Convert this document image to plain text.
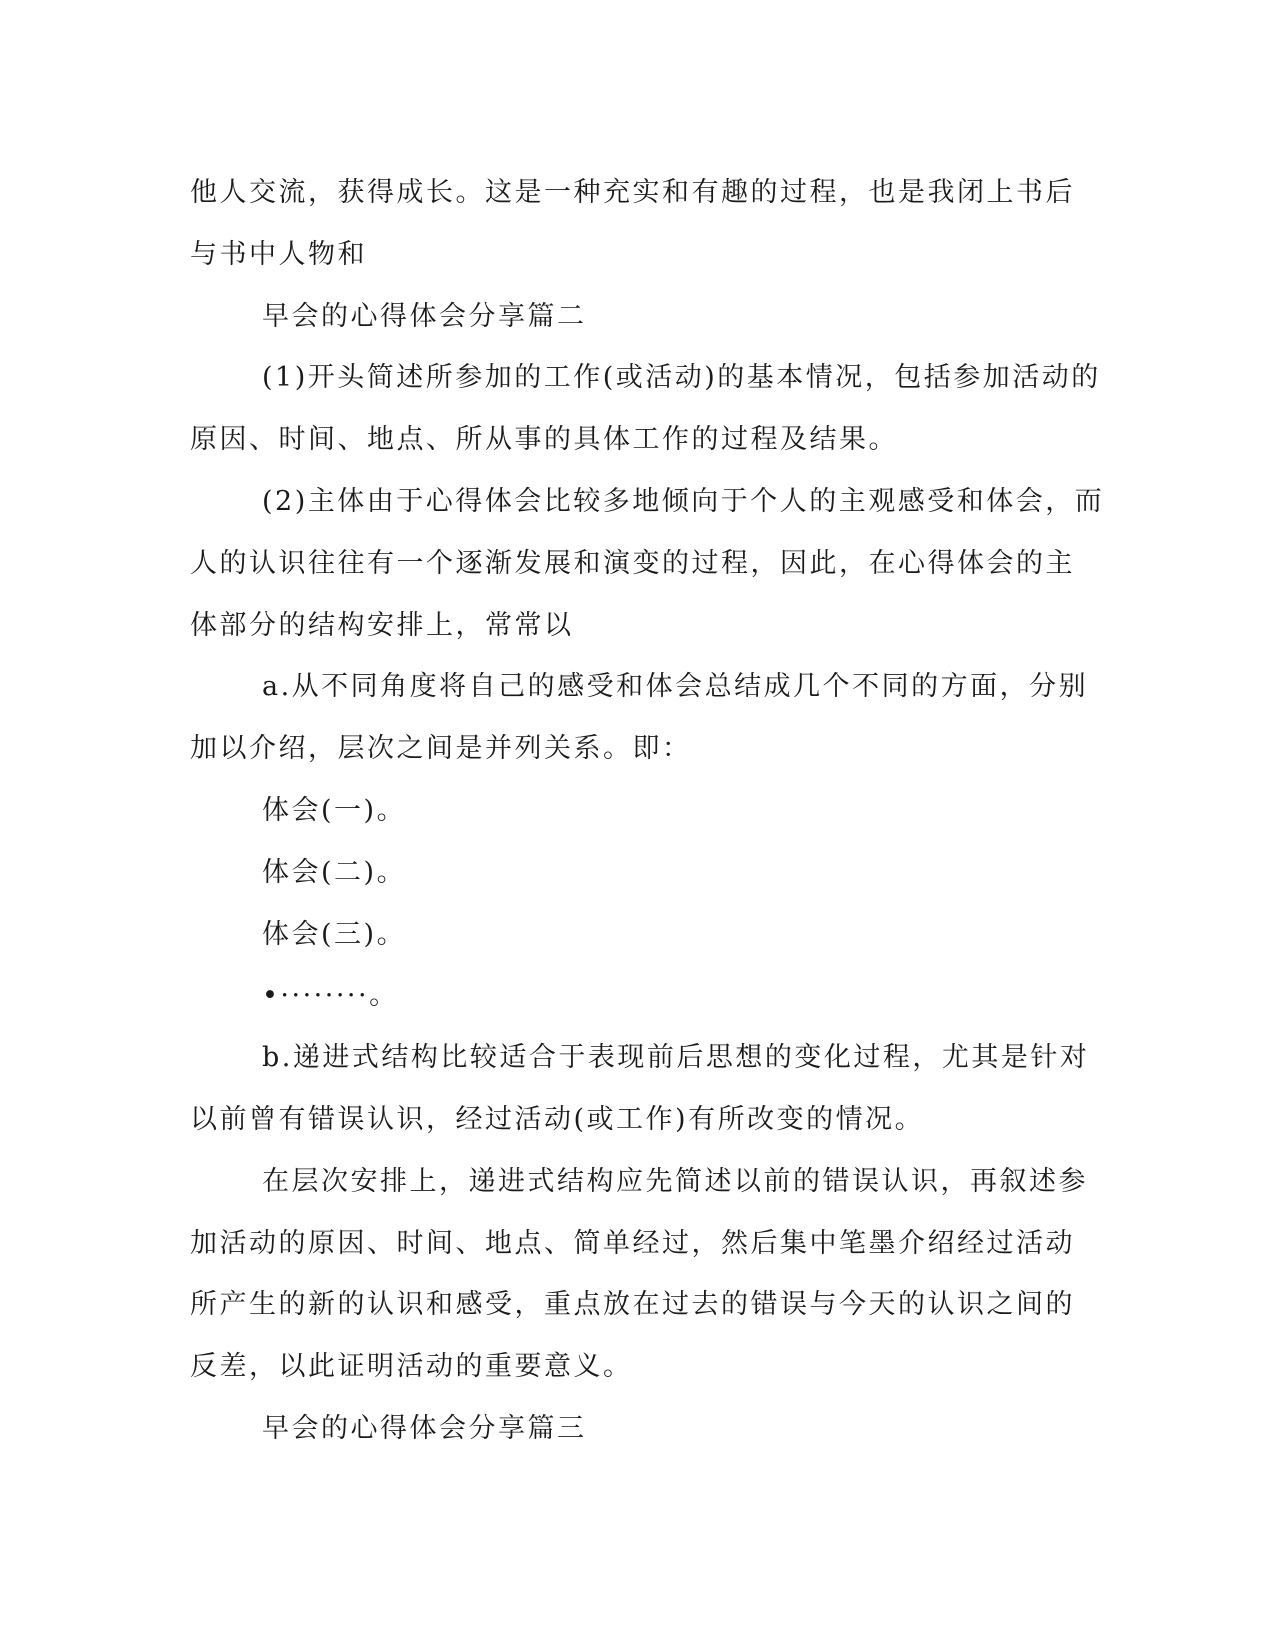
他人交流，获得成长。这是一种充实和有趣的过程，也是我闭上书后
与书中人物和
早会的心得体会分享篇二
(1)开头简述所参加的工作(或活动)的基本情况，包括参加活动的
原因、时间、地点、所从事的具体工作的过程及结果。
(2)主体由于心得体会比较多地倾向于个人的主观感受和体会，而
人的认识往往有一个逐渐发展和演变的过程，因此，在心得体会的主
体部分的结构安排上，常常以
a.从不同角度将自己的感受和体会总结成几个不同的方面，分别
加以介绍，层次之间是并列关系。即：
体会(一)。
体会(二)。
体会(三)。
•········。
b.递进式结构比较适合于表现前后思想的变化过程，尤其是针对
以前曾有错误认识，经过活动(或工作)有所改变的情况。
在层次安排上，递进式结构应先简述以前的错误认识，再叙述参
加活动的原因、时间、地点、简单经过，然后集中笔墨介绍经过活动
所产生的新的认识和感受，重点放在过去的错误与今天的认识之间的
反差，以此证明活动的重要意义。
早会的心得体会分享篇三
